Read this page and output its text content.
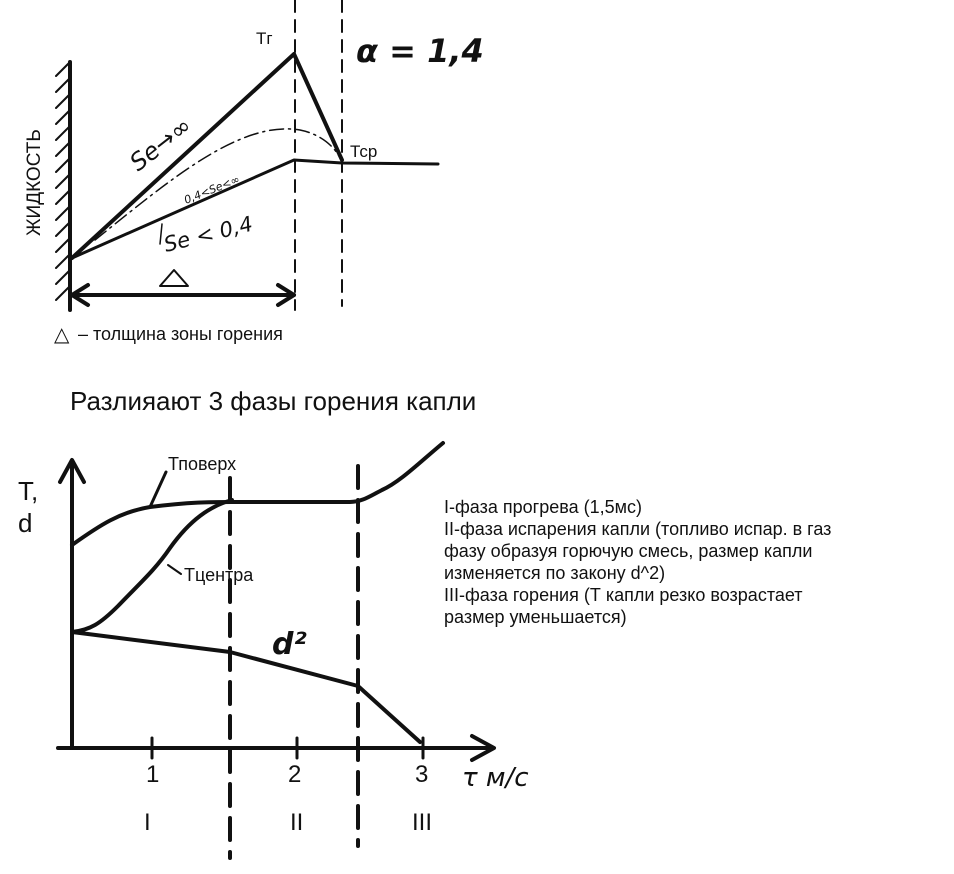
ЖИДКОСТЬ
Тг
Тср
α = 1,4
Se→∞
0,4<Se<∞
Se < 0,4
△ – толщина зоны горения
Тповерх
Тцентра
d²
T,
d
1	2	3 τ м/с
I	II	III
Разлияают 3 фазы горения капли
I-фаза прогрева (1,5мс)
II-фаза испарения капли (топливо испар. в газ
фазу образуя горючую смесь, размер капли
изменяется по закону d^2)
III-фаза горения (Т капли резко возрастает
размер уменьшается)
